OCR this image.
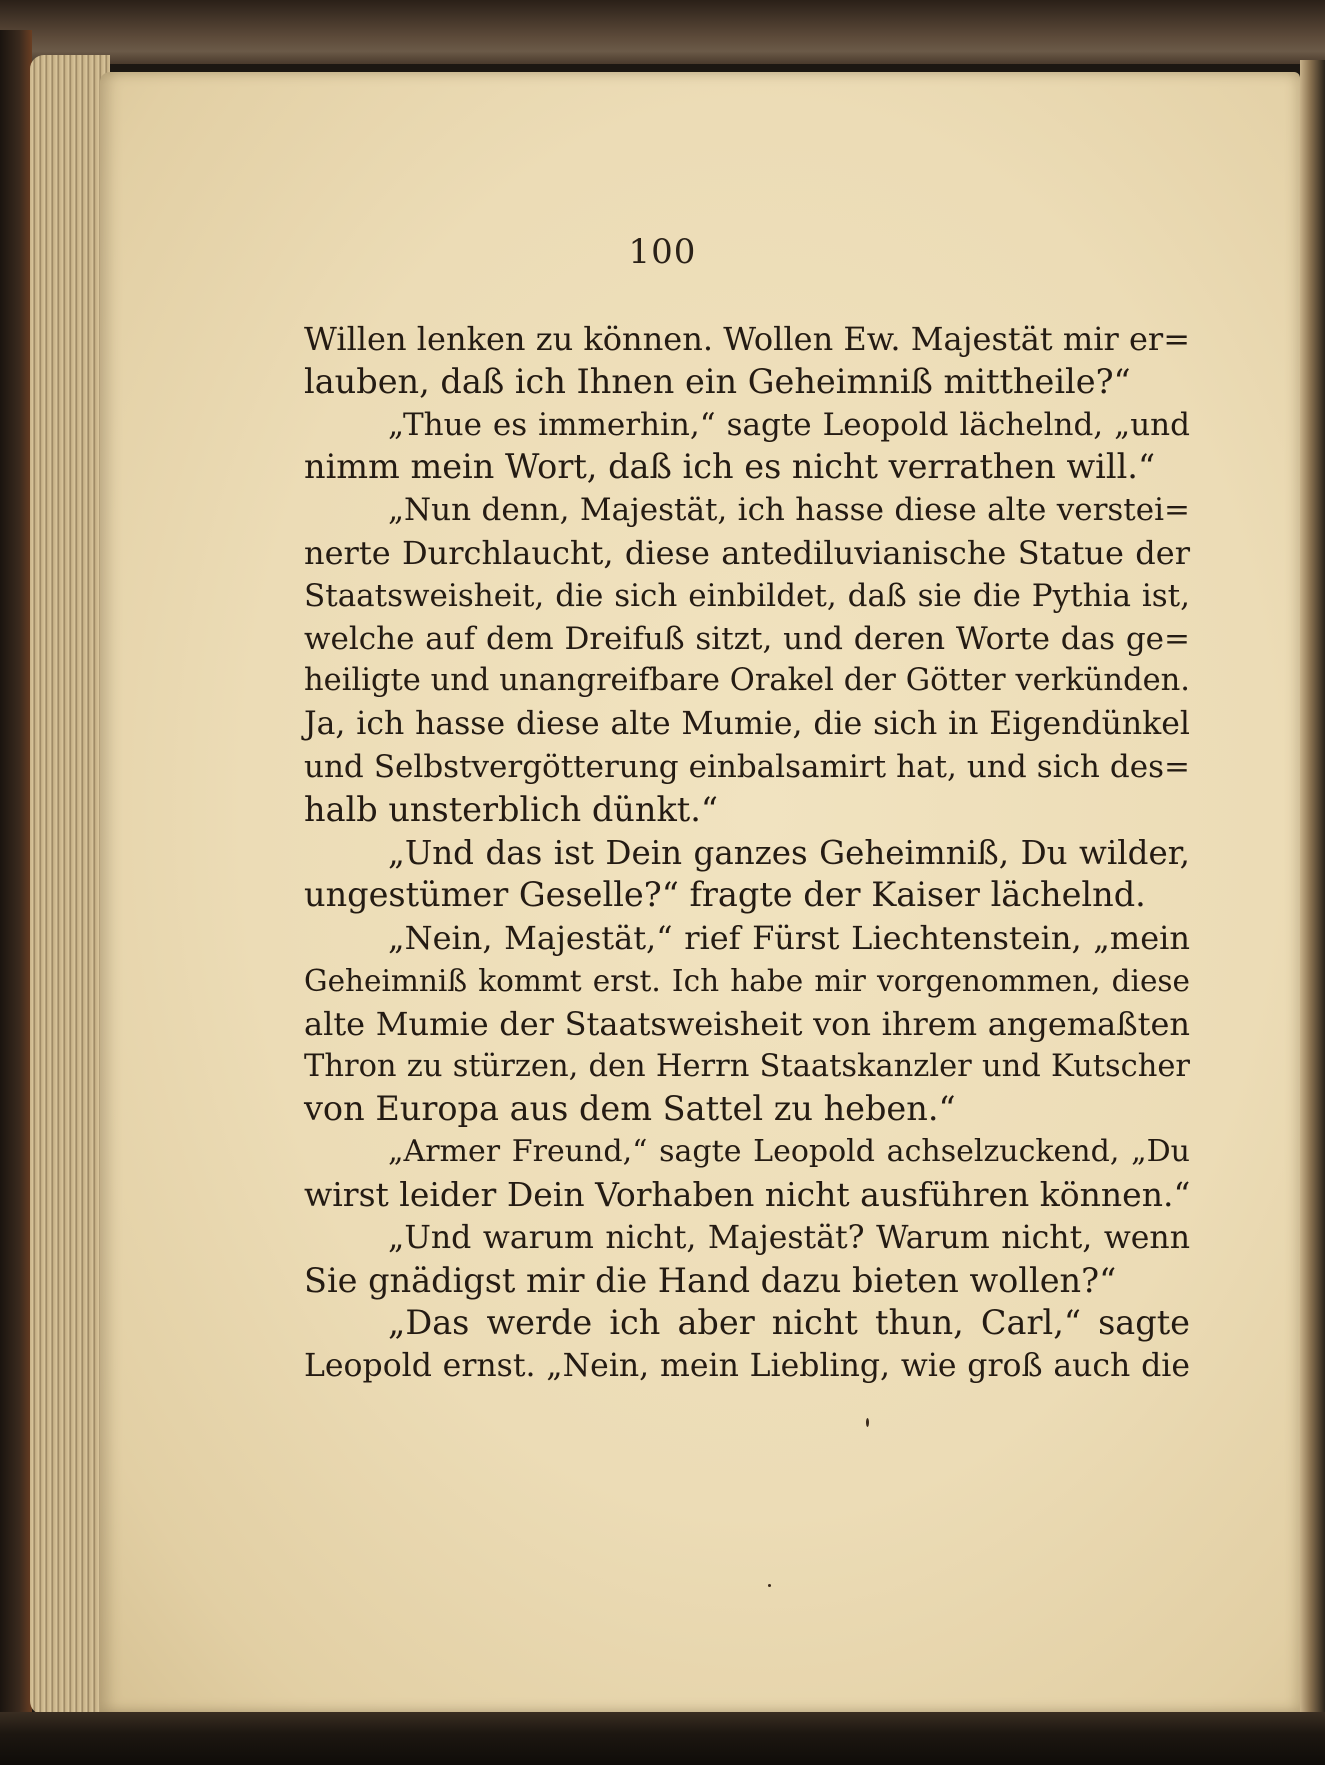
100
Willen lenken zu können. Wollen Ew. Majestät mir er=
lauben, daß ich Ihnen ein Geheimniß mittheile?“
„Thue es immerhin,“ sagte Leopold lächelnd, „und
nimm mein Wort, daß ich es nicht verrathen will.“
„Nun denn, Majestät, ich hasse diese alte verstei=
nerte Durchlaucht, diese antediluvianische Statue der
Staatsweisheit, die sich einbildet, daß sie die Pythia ist,
welche auf dem Dreifuß sitzt, und deren Worte das ge=
heiligte und unangreifbare Orakel der Götter verkünden.
Ja, ich hasse diese alte Mumie, die sich in Eigendünkel
und Selbstvergötterung einbalsamirt hat, und sich des=
halb unsterblich dünkt.“
„Und das ist Dein ganzes Geheimniß, Du wilder,
ungestümer Geselle?“ fragte der Kaiser lächelnd.
„Nein, Majestät,“ rief Fürst Liechtenstein, „mein
Geheimniß kommt erst. Ich habe mir vorgenommen, diese
alte Mumie der Staatsweisheit von ihrem angemaßten
Thron zu stürzen, den Herrn Staatskanzler und Kutscher
von Europa aus dem Sattel zu heben.“
„Armer Freund,“ sagte Leopold achselzuckend, „Du
wirst leider Dein Vorhaben nicht ausführen können.“
„Und warum nicht, Majestät? Warum nicht, wenn
Sie gnädigst mir die Hand dazu bieten wollen?“
„Das werde ich aber nicht thun, Carl,“ sagte
Leopold ernst. „Nein, mein Liebling, wie groß auch die
